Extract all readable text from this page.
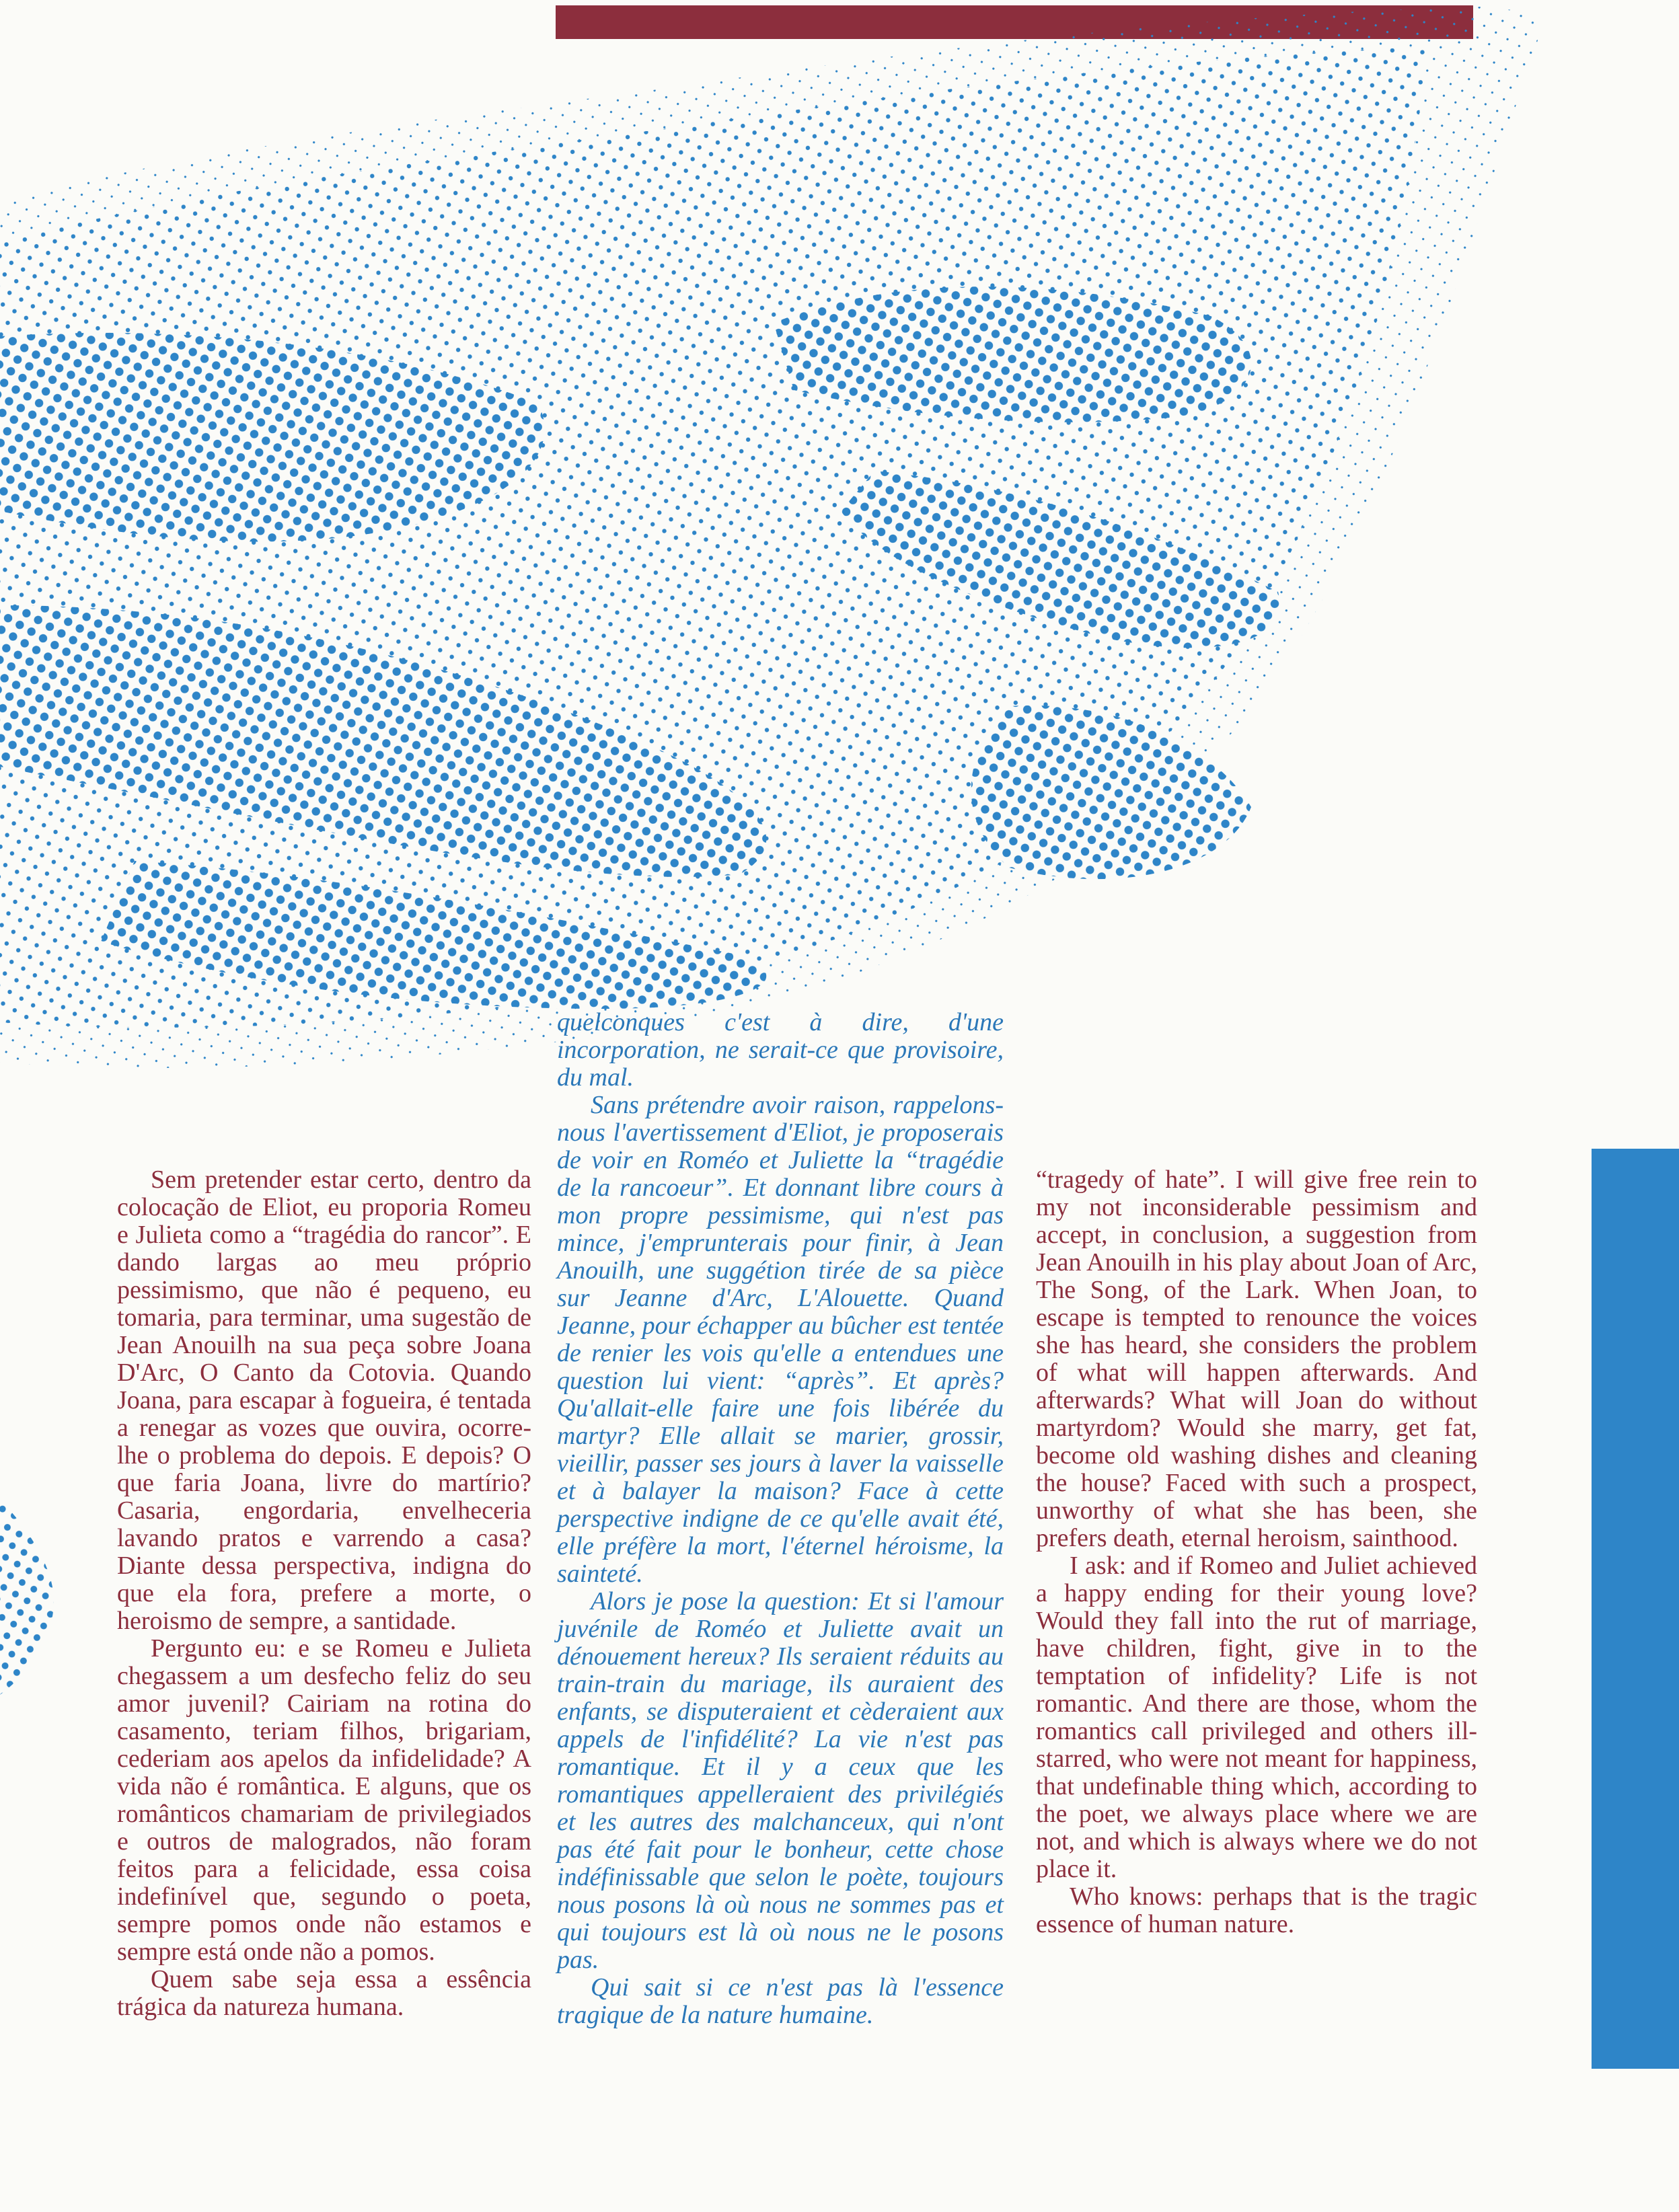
Sem pretender estar certo, dentro da colocação de Eliot, eu proporia Romeu e Julieta como a “tragédia do rancor”. E dando largas ao meu próprio pessimismo, que não é pequeno, eu tomaria, para terminar, uma sugestão de Jean Anouilh na sua peça sobre Joana D'Arc, O Canto da Cotovia. Quando Joana, para escapar à fogueira, é tentada a renegar as vozes que ouvira, ocorre-lhe o problema do depois. E depois? O que faria Joana, livre do martírio? Casaria, engordaria, envelheceria lavando pratos e varrendo a casa? Diante dessa perspectiva, indigna do que ela fora, prefere a morte, o heroismo de sempre, a santidade.

Pergunto eu: e se Romeu e Julieta chegassem a um desfecho feliz do seu amor juvenil? Cairiam na rotina do casamento, teriam filhos, brigariam, cederiam aos apelos da infidelidade? A vida não é romântica. E alguns, que os românticos chamariam de privilegiados e outros de malogrados, não foram feitos para a felicidade, essa coisa indefinível que, segundo o poeta, sempre pomos onde não estamos e sempre está onde não a pomos.

Quem sabe seja essa a essência trágica da natureza humana.

quelconques c'est à dire, d'une incorporation, ne serait-ce que provisoire, du mal.

Sans prétendre avoir raison, rappelons-nous l'avertissement d'Eliot, je proposerais de voir en Roméo et Juliette la “tragédie de la rancoeur”. Et donnant libre cours à mon propre pessimisme, qui n'est pas mince, j'emprunterais pour finir, à Jean Anouilh, une suggétion tirée de sa pièce sur Jeanne d'Arc, L'Alouette. Quand Jeanne, pour échapper au bûcher est tentée de renier les vois qu'elle a entendues une question lui vient: “après”. Et après? Qu'allait-elle faire une fois libérée du martyr? Elle allait se marier, grossir, vieillir, passer ses jours à laver la vaisselle et à balayer la maison? Face à cette perspective indigne de ce qu'elle avait été, elle préfère la mort, l'éternel héroisme, la sainteté.

Alors je pose la question: Et si l'amour juvénile de Roméo et Juliette avait un dénouement hereux? Ils seraient réduits au train-train du mariage, ils auraient des enfants, se disputeraient et cèderaient aux appels de l'infidélité? La vie n'est pas romantique. Et il y a ceux que les romantiques appelleraient des privilégiés et les autres des malchanceux, qui n'ont pas été fait pour le bonheur, cette chose indéfinissable que selon le poète, toujours nous posons là où nous ne sommes pas et qui toujours est là où nous ne le posons pas.

Qui sait si ce n'est pas là l'essence tragique de la nature humaine.

“tragedy of hate”. I will give free rein to my not inconsiderable pessimism and accept, in conclusion, a suggestion from Jean Anouilh in his play about Joan of Arc, The Song, of the Lark. When Joan, to escape is tempted to renounce the voices she has heard, she considers the problem of what will happen afterwards. And afterwards? What will Joan do without martyrdom? Would she marry, get fat, become old washing dishes and cleaning the house? Faced with such a prospect, unworthy of what she has been, she prefers death, eternal heroism, sainthood.

I ask: and if Romeo and Juliet achieved a happy ending for their young love? Would they fall into the rut of marriage, have children, fight, give in to the temptation of infidelity? Life is not romantic. And there are those, whom the romantics call privileged and others ill-starred, who were not meant for happiness, that undefinable thing which, according to the poet, we always place where we are not, and which is always where we do not place it.

Who knows: perhaps that is the tragic essence of human nature.
